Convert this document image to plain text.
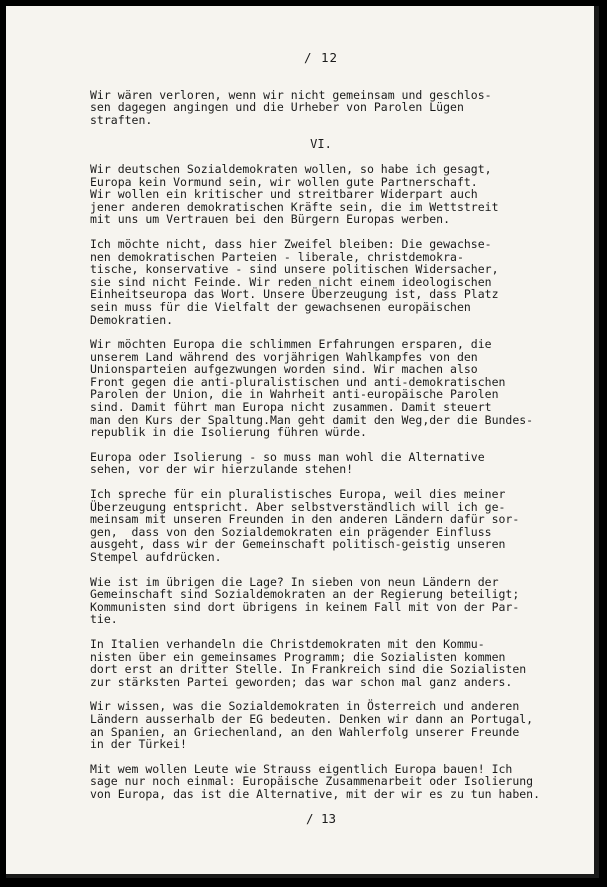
/ 12
Wir wären verloren, wenn wir nicht gemeinsam und geschlos-
sen dagegen angingen und die Urheber von Parolen Lügen
straften.
VI.
Wir deutschen Sozialdemokraten wollen, so habe ich gesagt,
Europa kein Vormund sein, wir wollen gute Partnerschaft.
Wir wollen ein kritischer und streitbarer Widerpart auch
jener anderen demokratischen Kräfte sein, die im Wettstreit
mit uns um Vertrauen bei den Bürgern Europas werben.
Ich möchte nicht, dass hier Zweifel bleiben: Die gewachse-
nen demokratischen Parteien - liberale, christdemokra-
tische, konservative - sind unsere politischen Widersacher,
sie sind nicht Feinde. Wir reden nicht einem ideologischen
Einheitseuropa das Wort. Unsere Überzeugung ist, dass Platz
sein muss für die Vielfalt der gewachsenen europäischen
Demokratien.
Wir möchten Europa die schlimmen Erfahrungen ersparen, die
unserem Land während des vorjährigen Wahlkampfes von den
Unionsparteien aufgezwungen worden sind. Wir machen also
Front gegen die anti-pluralistischen und anti-demokratischen
Parolen der Union, die in Wahrheit anti-europäische Parolen
sind. Damit führt man Europa nicht zusammen. Damit steuert
man den Kurs der Spaltung.Man geht damit den Weg,der die Bundes-
republik in die Isolierung führen würde.
Europa oder Isolierung - so muss man wohl die Alternative
sehen, vor der wir hierzulande stehen!
Ich spreche für ein pluralistisches Europa, weil dies meiner
Überzeugung entspricht. Aber selbstverständlich will ich ge-
meinsam mit unseren Freunden in den anderen Ländern dafür sor-
gen,  dass von den Sozialdemokraten ein prägender Einfluss
ausgeht, dass wir der Gemeinschaft politisch-geistig unseren
Stempel aufdrücken.
Wie ist im übrigen die Lage? In sieben von neun Ländern der
Gemeinschaft sind Sozialdemokraten an der Regierung beteiligt;
Kommunisten sind dort übrigens in keinem Fall mit von der Par-
tie.
In Italien verhandeln die Christdemokraten mit den Kommu-
nisten über ein gemeinsames Programm; die Sozialisten kommen
dort erst an dritter Stelle. In Frankreich sind die Sozialisten
zur stärksten Partei geworden; das war schon mal ganz anders.
Wir wissen, was die Sozialdemokraten in Österreich und anderen
Ländern ausserhalb der EG bedeuten. Denken wir dann an Portugal,
an Spanien, an Griechenland, an den Wahlerfolg unserer Freunde
in der Türkei!
Mit wem wollen Leute wie Strauss eigentlich Europa bauen! Ich
sage nur noch einmal: Europäische Zusammenarbeit oder Isolierung
von Europa, das ist die Alternative, mit der wir es zu tun haben.
/ 13
